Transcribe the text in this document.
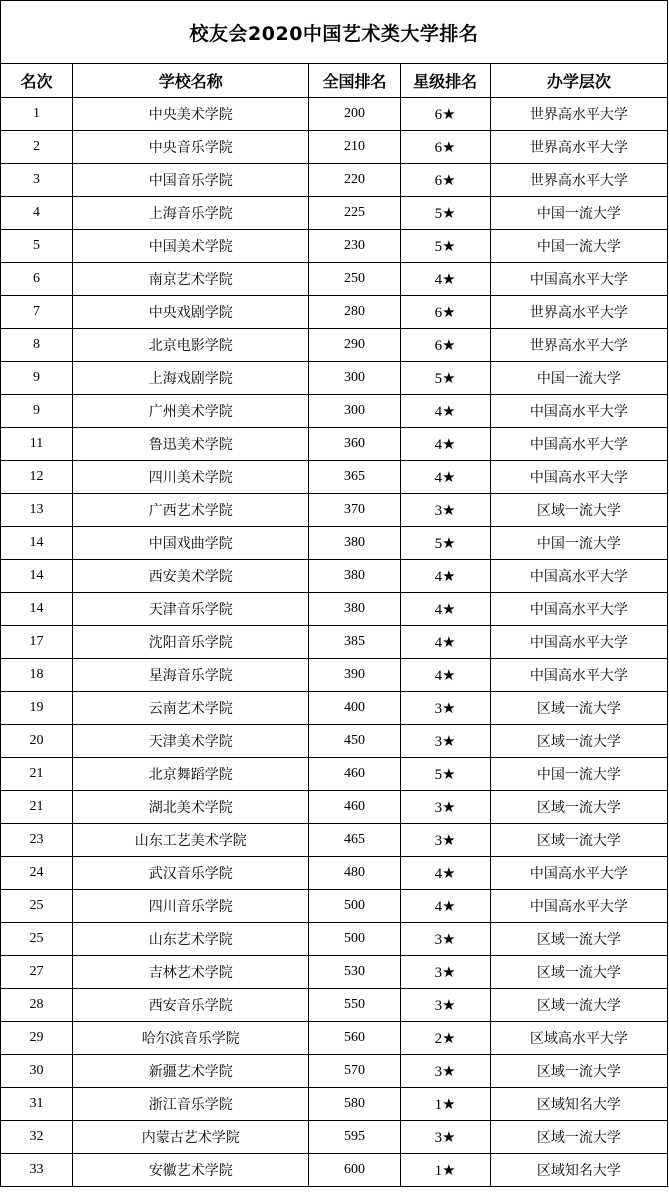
校友会2020中国艺术类大学排名				
名次	学校名称	全国排名	星级排名	办学层次
1	中央美术学院	200	6★	世界高水平大学
2	中央音乐学院	210	6★	世界高水平大学
3	中国音乐学院	220	6★	世界高水平大学
4	上海音乐学院	225	5★	中国一流大学
5	中国美术学院	230	5★	中国一流大学
6	南京艺术学院	250	4★	中国高水平大学
7	中央戏剧学院	280	6★	世界高水平大学
8	北京电影学院	290	6★	世界高水平大学
9	上海戏剧学院	300	5★	中国一流大学
9	广州美术学院	300	4★	中国高水平大学
11	鲁迅美术学院	360	4★	中国高水平大学
12	四川美术学院	365	4★	中国高水平大学
13	广西艺术学院	370	3★	区域一流大学
14	中国戏曲学院	380	5★	中国一流大学
14	西安美术学院	380	4★	中国高水平大学
14	天津音乐学院	380	4★	中国高水平大学
17	沈阳音乐学院	385	4★	中国高水平大学
18	星海音乐学院	390	4★	中国高水平大学
19	云南艺术学院	400	3★	区域一流大学
20	天津美术学院	450	3★	区域一流大学
21	北京舞蹈学院	460	5★	中国一流大学
21	湖北美术学院	460	3★	区域一流大学
23	山东工艺美术学院	465	3★	区域一流大学
24	武汉音乐学院	480	4★	中国高水平大学
25	四川音乐学院	500	4★	中国高水平大学
25	山东艺术学院	500	3★	区域一流大学
27	吉林艺术学院	530	3★	区域一流大学
28	西安音乐学院	550	3★	区域一流大学
29	哈尔滨音乐学院	560	2★	区域高水平大学
30	新疆艺术学院	570	3★	区域一流大学
31	浙江音乐学院	580	1★	区域知名大学
32	内蒙古艺术学院	595	3★	区域一流大学
33	安徽艺术学院	600	1★	区域知名大学
